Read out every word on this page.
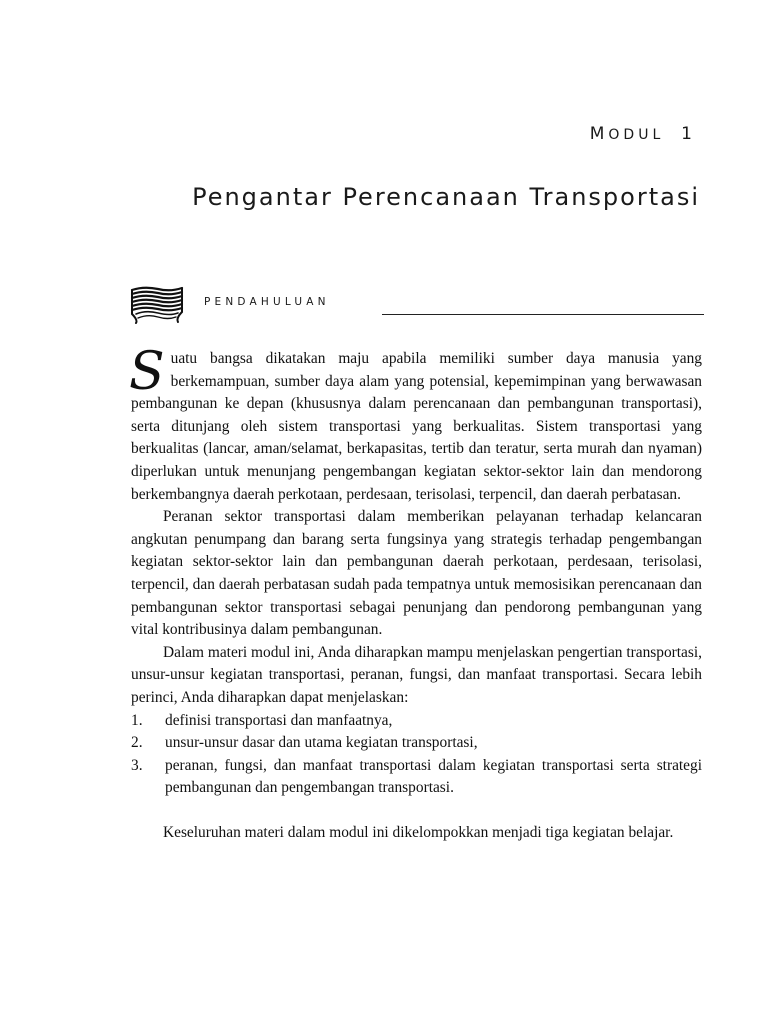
MODUL 1
Pengantar Perencanaan Transportasi
PENDAHULUAN

Suatu bangsa dikatakan maju apabila memiliki sumber daya manusia yang berkemampuan, sumber daya alam yang potensial, kepemimpinan yang berwawasan pembangunan ke depan (khususnya dalam perencanaan dan pembangunan transportasi), serta ditunjang oleh sistem transportasi yang berkualitas. Sistem transportasi yang berkualitas (lancar, aman/selamat, berkapasitas, tertib dan teratur, serta murah dan nyaman) diperlukan untuk menunjang pengembangan kegiatan sektor-sektor lain dan mendorong berkembangnya daerah perkotaan, perdesaan, terisolasi, terpencil, dan daerah perbatasan.

Peranan sektor transportasi dalam memberikan pelayanan terhadap kelancaran angkutan penumpang dan barang serta fungsinya yang strategis terhadap pengembangan kegiatan sektor-sektor lain dan pembangunan daerah perkotaan, perdesaan, terisolasi, terpencil, dan daerah perbatasan sudah pada tempatnya untuk memosisikan perencanaan dan pembangunan sektor transportasi sebagai penunjang dan pendorong pembangunan yang vital kontribusinya dalam pembangunan.

Dalam materi modul ini, Anda diharapkan mampu menjelaskan pengertian transportasi, unsur-unsur kegiatan transportasi, peranan, fungsi, dan manfaat transportasi. Secara lebih perinci, Anda diharapkan dapat menjelaskan:

1. definisi transportasi dan manfaatnya,
2. unsur-unsur dasar dan utama kegiatan transportasi,
3. peranan, fungsi, dan manfaat transportasi dalam kegiatan transportasi serta strategi pembangunan dan pengembangan transportasi.

Keseluruhan materi dalam modul ini dikelompokkan menjadi tiga kegiatan belajar.
